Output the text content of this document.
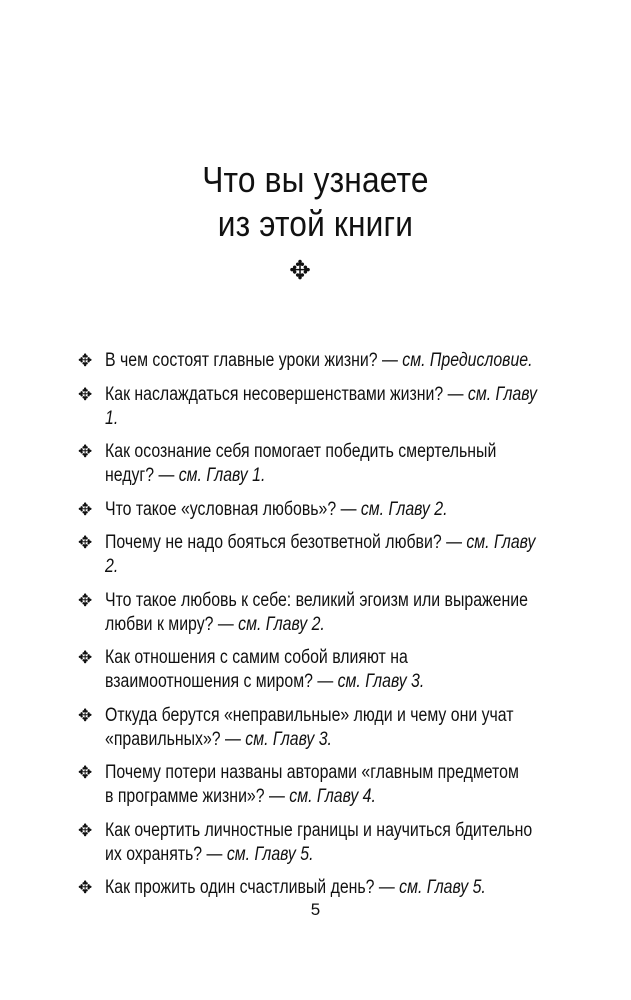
Что вы узнаете
из этой книги
✥
✥ В чем состоят главные уроки жизни? — см. Предисловие.
✥ Как наслаждаться несовершенствами жизни? — см. Главу 1.
✥ Как осознание себя помогает победить смертельный
недуг? — см. Главу 1.
✥ Что такое «условная любовь»? — см. Главу 2.
✥ Почему не надо бояться безответной любви? — см. Главу 2.
✥ Что такое любовь к себе: великий эгоизм или выражение
любви к миру? — см. Главу 2.
✥ Как отношения с самим собой влияют на
взаимоотношения с миром? — см. Главу 3.
✥ Откуда берутся «неправильные» люди и чему они учат
«правильных»? — см. Главу 3.
✥ Почему потери названы авторами «главным предметом
в программе жизни»? — см. Главу 4.
✥ Как очертить личностные границы и научиться бдительно
их охранять? — см. Главу 5.
✥ Как прожить один счастливый день? — см. Главу 5.
5
